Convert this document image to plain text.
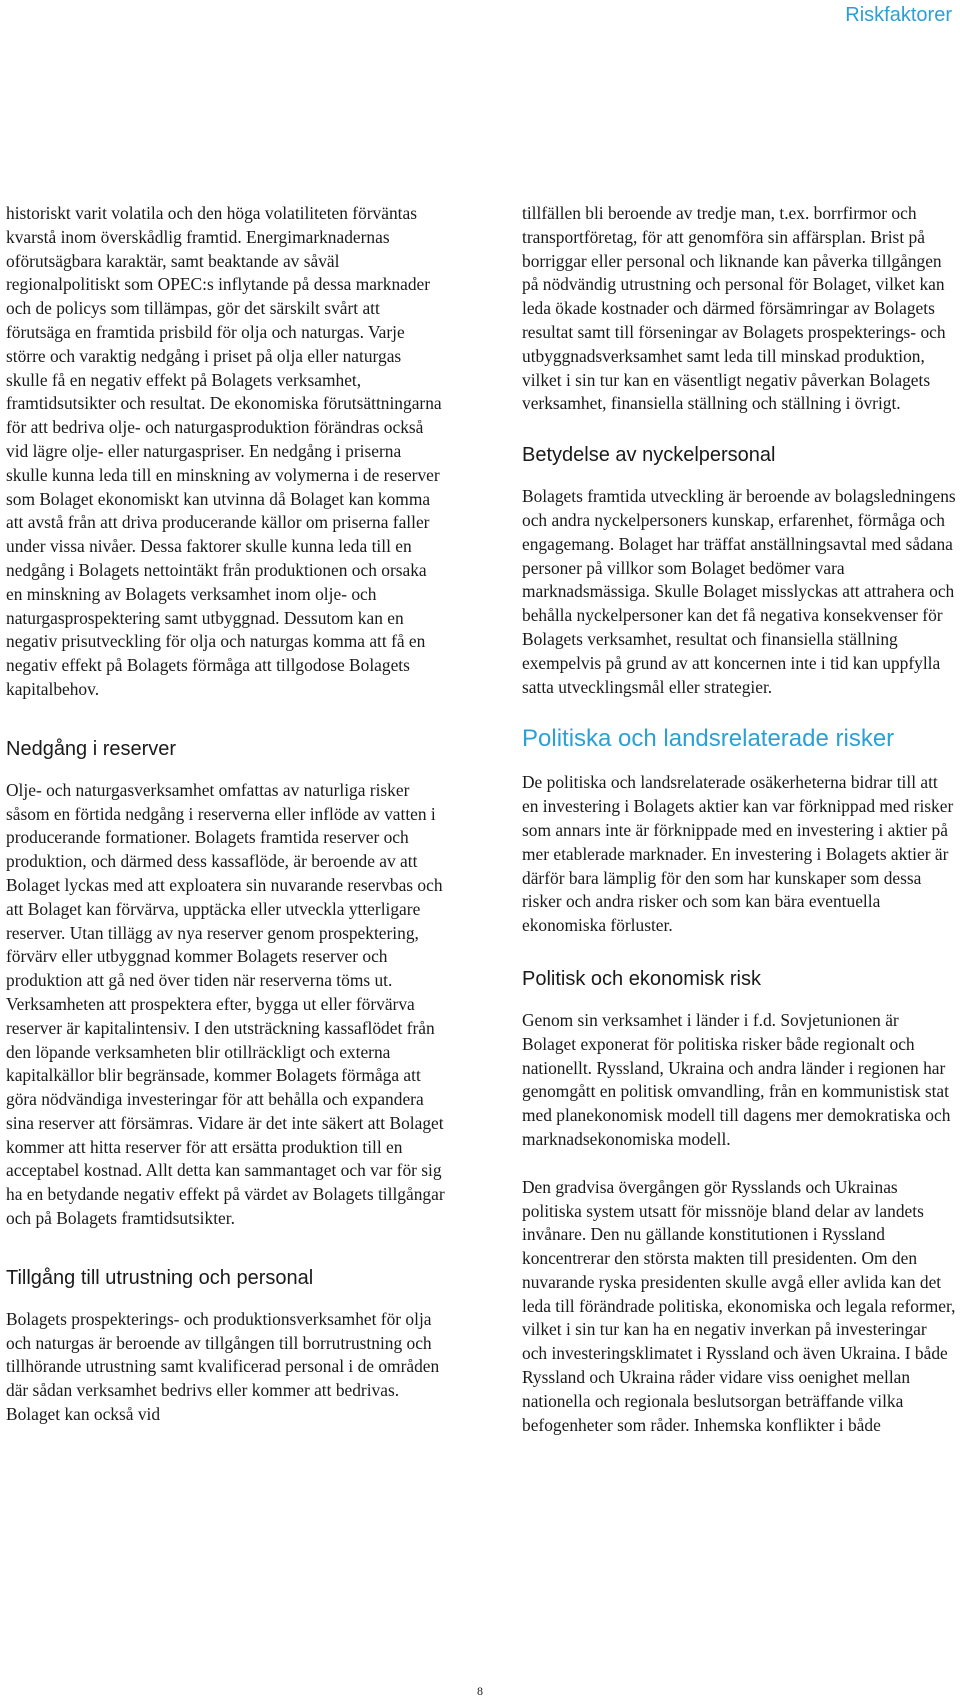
Riskfaktorer

historiskt varit volatila och den höga volatiliteten förväntas kvarstå inom överskådlig framtid. Energimarknadernas oförutsägbara karaktär, samt beaktande av såväl regionalpolitiskt som OPEC:s inflytande på dessa marknader och de policys som tillämpas, gör det särskilt svårt att förutsäga en framtida prisbild för olja och naturgas. Varje större och varaktig nedgång i priset på olja eller naturgas skulle få en negativ effekt på Bolagets verksamhet, framtidsutsikter och resultat. De ekonomiska förutsättningarna för att bedriva olje- och naturgasproduktion förändras också vid lägre olje- eller naturgaspriser. En nedgång i priserna skulle kunna leda till en minskning av volymerna i de reserver som Bolaget ekonomiskt kan utvinna då Bolaget kan komma att avstå från att driva producerande källor om priserna faller under vissa nivåer. Dessa faktorer skulle kunna leda till en nedgång i Bolagets nettointäkt från produktionen och orsaka en minskning av Bolagets verksamhet inom olje- och naturgasprospektering samt utbyggnad. Dessutom kan en negativ prisutveckling för olja och naturgas komma att få en negativ effekt på Bolagets förmåga att tillgodose Bolagets kapitalbehov.

Nedgång i reserver

Olje- och naturgasverksamhet omfattas av naturliga risker såsom en förtida nedgång i reserverna eller inflöde av vatten i producerande formationer. Bolagets framtida reserver och produktion, och därmed dess kassaflöde, är beroende av att Bolaget lyckas med att exploatera sin nuvarande reservbas och att Bolaget kan förvärva, upptäcka eller utveckla ytterligare reserver. Utan tillägg av nya reserver genom prospektering, förvärv eller utbyggnad kommer Bolagets reserver och produktion att gå ned över tiden när reserverna töms ut. Verksamheten att prospektera efter, bygga ut eller förvärva reserver är kapitalintensiv. I den utsträckning kassaflödet från den löpande verksamheten blir otillräckligt och externa kapitalkällor blir begränsade, kommer Bolagets förmåga att göra nödvändiga investeringar för att behålla och expandera sina reserver att försämras. Vidare är det inte säkert att Bolaget kommer att hitta reserver för att ersätta produktion till en acceptabel kostnad. Allt detta kan sammantaget och var för sig ha en betydande negativ effekt på värdet av Bolagets tillgångar och på Bolagets framtidsutsikter.

Tillgång till utrustning och personal

Bolagets prospekterings- och produktionsverksamhet för olja och naturgas är beroende av tillgången till borrutrustning och tillhörande utrustning samt kvalificerad personal i de områden där sådan verksamhet bedrivs eller kommer att bedrivas. Bolaget kan också vid

tillfällen bli beroende av tredje man, t.ex. borrfirmor och transportföretag, för att genomföra sin affärsplan. Brist på borriggar eller personal och liknande kan påverka tillgången på nödvändig utrustning och personal för Bolaget, vilket kan leda ökade kostnader och därmed försämringar av Bolagets resultat samt till förseningar av Bolagets prospekterings- och utbyggnadsverksamhet samt leda till minskad produktion, vilket i sin tur kan en väsentligt negativ påverkan Bolagets verksamhet, finansiella ställning och ställning i övrigt.

Betydelse av nyckelpersonal

Bolagets framtida utveckling är beroende av bolagsledningens och andra nyckelpersoners kunskap, erfarenhet, förmåga och engagemang. Bolaget har träffat anställningsavtal med sådana personer på villkor som Bolaget bedömer vara marknadsmässiga. Skulle Bolaget misslyckas att attrahera och behålla nyckelpersoner kan det få negativa konsekvenser för Bolagets verksamhet, resultat och finansiella ställning exempelvis på grund av att koncernen inte i tid kan uppfylla satta utvecklingsmål eller strategier.

Politiska och landsrelaterade risker

De politiska och landsrelaterade osäkerheterna bidrar till att en investering i Bolagets aktier kan var förknippad med risker som annars inte är förknippade med en investering i aktier på mer etablerade marknader. En investering i Bolagets aktier är därför bara lämplig för den som har kunskaper som dessa risker och andra risker och som kan bära eventuella ekonomiska förluster.

Politisk och ekonomisk risk

Genom sin verksamhet i länder i f.d. Sovjetunionen är Bolaget exponerat för politiska risker både regionalt och nationellt. Ryssland, Ukraina och andra länder i regionen har genomgått en politisk omvandling, från en kommunistisk stat med planekonomisk modell till dagens mer demokratiska och marknadsekonomiska modell.

Den gradvisa övergången gör Rysslands och Ukrainas politiska system utsatt för missnöje bland delar av landets invånare. Den nu gällande konstitutionen i Ryssland koncentrerar den största makten till presidenten. Om den nuvarande ryska presidenten skulle avgå eller avlida kan det leda till förändrade politiska, ekonomiska och legala reformer, vilket i sin tur kan ha en negativ inverkan på investeringar och investeringsklimatet i Ryssland och även Ukraina. I både Ryssland och Ukraina råder vidare viss oenighet mellan nationella och regionala beslutsorgan beträffande vilka befogenheter som råder. Inhemska konflikter i både

8
